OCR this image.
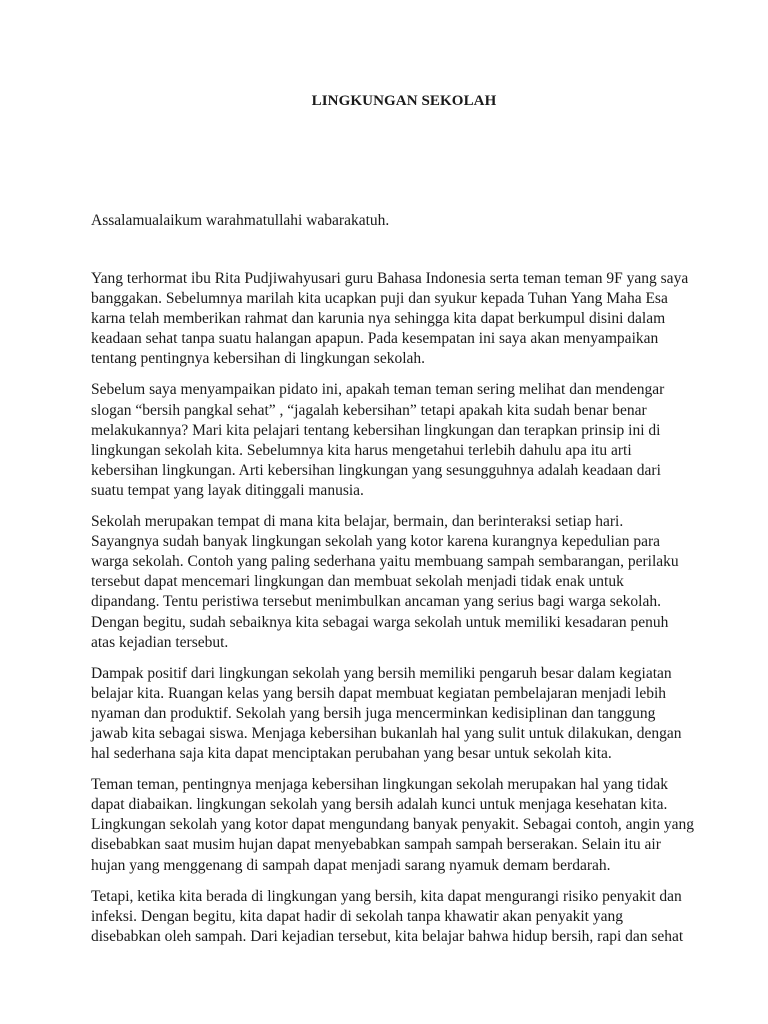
LINGKUNGAN SEKOLAH
Assalamualaikum warahmatullahi wabarakatuh.
Yang terhormat ibu Rita Pudjiwahyusari guru Bahasa Indonesia serta teman teman 9F yang saya
banggakan. Sebelumnya marilah kita ucapkan puji dan syukur kepada Tuhan Yang Maha Esa
karna telah memberikan rahmat dan karunia nya sehingga kita dapat berkumpul disini dalam
keadaan sehat tanpa suatu halangan apapun. Pada kesempatan ini saya akan menyampaikan
tentang pentingnya kebersihan di lingkungan sekolah.
Sebelum saya menyampaikan pidato ini, apakah teman teman sering melihat dan mendengar
slogan “bersih pangkal sehat” , “jagalah kebersihan” tetapi apakah kita sudah benar benar
melakukannya? Mari kita pelajari tentang kebersihan lingkungan dan terapkan prinsip ini di
lingkungan sekolah kita. Sebelumnya kita harus mengetahui terlebih dahulu apa itu arti
kebersihan lingkungan. Arti kebersihan lingkungan yang sesungguhnya adalah keadaan dari
suatu tempat yang layak ditinggali manusia.
Sekolah merupakan tempat di mana kita belajar, bermain, dan berinteraksi setiap hari.
Sayangnya sudah banyak lingkungan sekolah yang kotor karena kurangnya kepedulian para
warga sekolah. Contoh yang paling sederhana yaitu membuang sampah sembarangan, perilaku
tersebut dapat mencemari lingkungan dan membuat sekolah menjadi tidak enak untuk
dipandang. Tentu peristiwa tersebut menimbulkan ancaman yang serius bagi warga sekolah.
Dengan begitu, sudah sebaiknya kita sebagai warga sekolah untuk memiliki kesadaran penuh
atas kejadian tersebut.
Dampak positif dari lingkungan sekolah yang bersih memiliki pengaruh besar dalam kegiatan
belajar kita. Ruangan kelas yang bersih dapat membuat kegiatan pembelajaran menjadi lebih
nyaman dan produktif. Sekolah yang bersih juga mencerminkan kedisiplinan dan tanggung
jawab kita sebagai siswa. Menjaga kebersihan bukanlah hal yang sulit untuk dilakukan, dengan
hal sederhana saja kita dapat menciptakan perubahan yang besar untuk sekolah kita.
Teman teman, pentingnya menjaga kebersihan lingkungan sekolah merupakan hal yang tidak
dapat diabaikan. lingkungan sekolah yang bersih adalah kunci untuk menjaga kesehatan kita.
Lingkungan sekolah yang kotor dapat mengundang banyak penyakit. Sebagai contoh, angin yang
disebabkan saat musim hujan dapat menyebabkan sampah sampah berserakan. Selain itu air
hujan yang menggenang di sampah dapat menjadi sarang nyamuk demam berdarah.
Tetapi, ketika kita berada di lingkungan yang bersih, kita dapat mengurangi risiko penyakit dan
infeksi. Dengan begitu, kita dapat hadir di sekolah tanpa khawatir akan penyakit yang
disebabkan oleh sampah. Dari kejadian tersebut, kita belajar bahwa hidup bersih, rapi dan sehat
